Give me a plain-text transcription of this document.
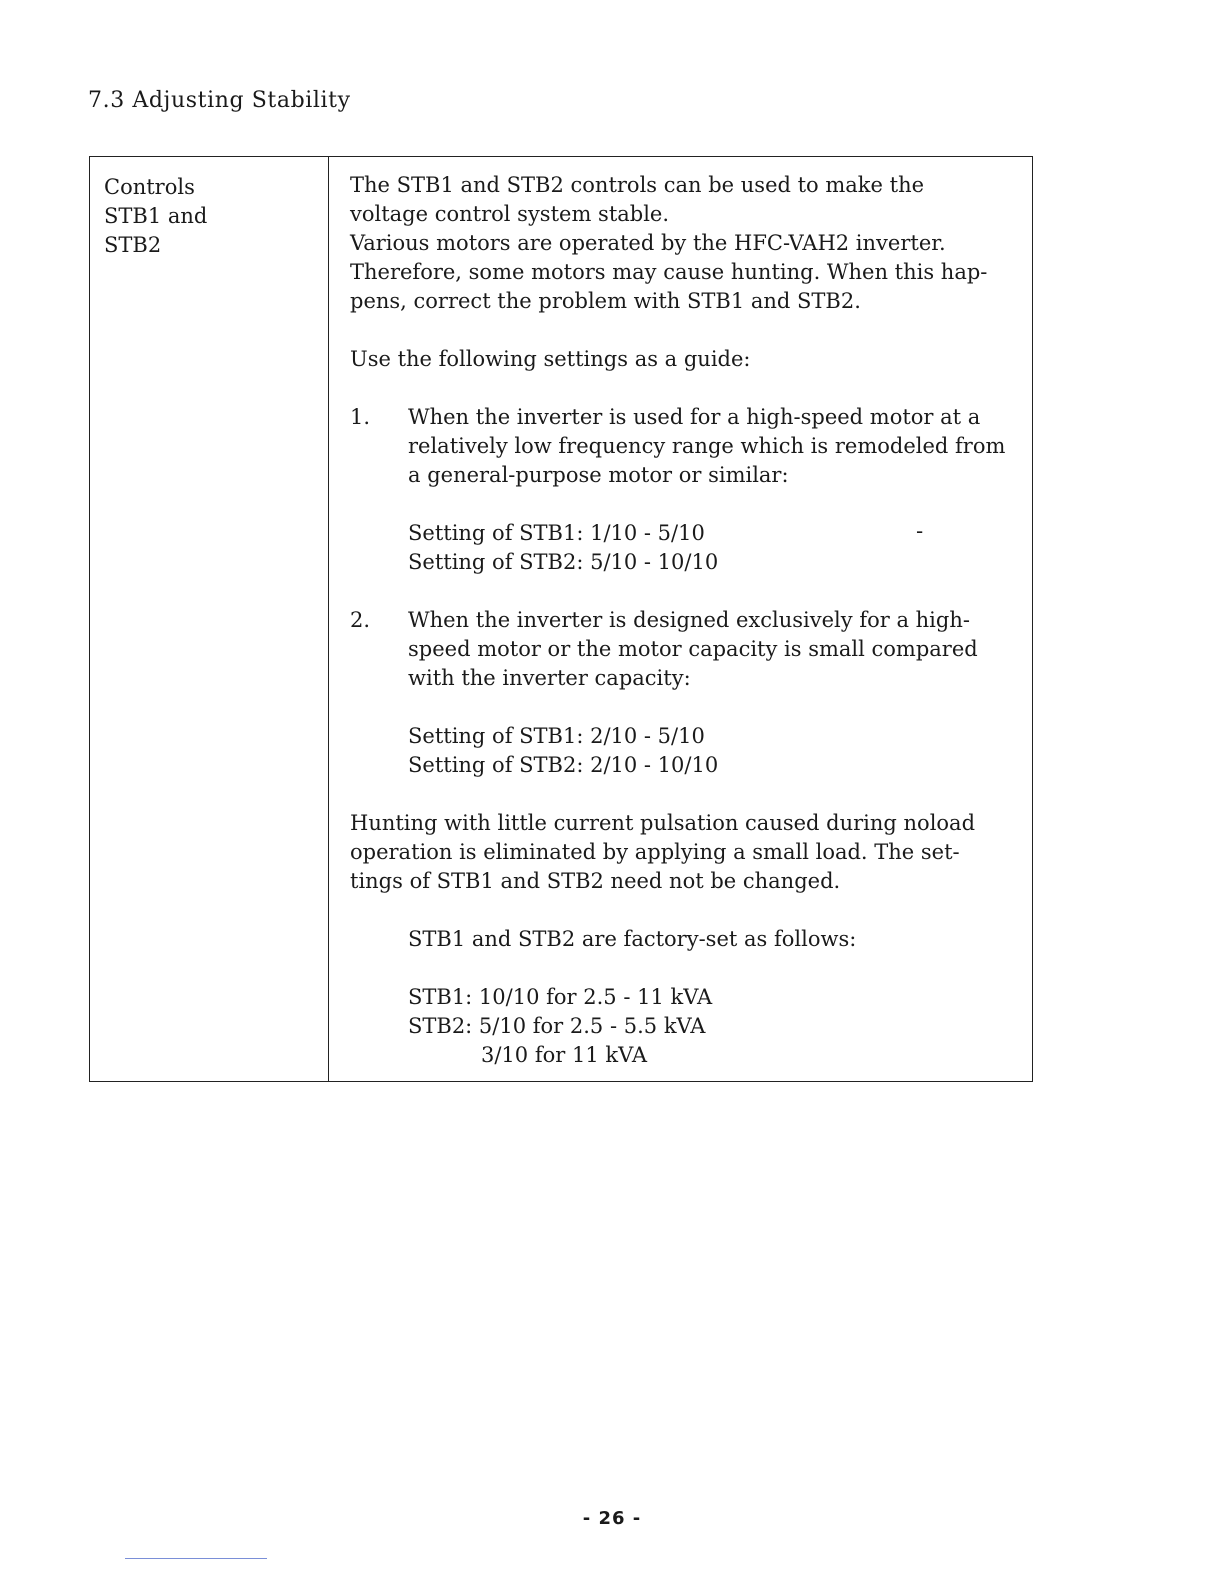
7.3 Adjusting Stability
Controls
STB1 and
STB2
The STB1 and STB2 controls can be used to make the
voltage control system stable.
Various motors are operated by the HFC-VAH2 inverter.
Therefore, some motors may cause hunting. When this hap-
pens, correct the problem with STB1 and STB2.
Use the following settings as a guide:
1. When the inverter is used for a high-speed motor at a
relatively low frequency range which is remodeled from
a general-purpose motor or similar:
Setting of STB1: 1/10 - 5/10
Setting of STB2: 5/10 - 10/10
2. When the inverter is designed exclusively for a high-
speed motor or the motor capacity is small compared
with the inverter capacity:
Setting of STB1: 2/10 - 5/10
Setting of STB2: 2/10 - 10/10
Hunting with little current pulsation caused during noload
operation is eliminated by applying a small load. The set-
tings of STB1 and STB2 need not be changed.
STB1 and STB2 are factory-set as follows:
STB1: 10/10 for 2.5 - 11 kVA
STB2: 5/10 for 2.5 - 5.5 kVA
3/10 for 11 kVA
-
- 26 -
